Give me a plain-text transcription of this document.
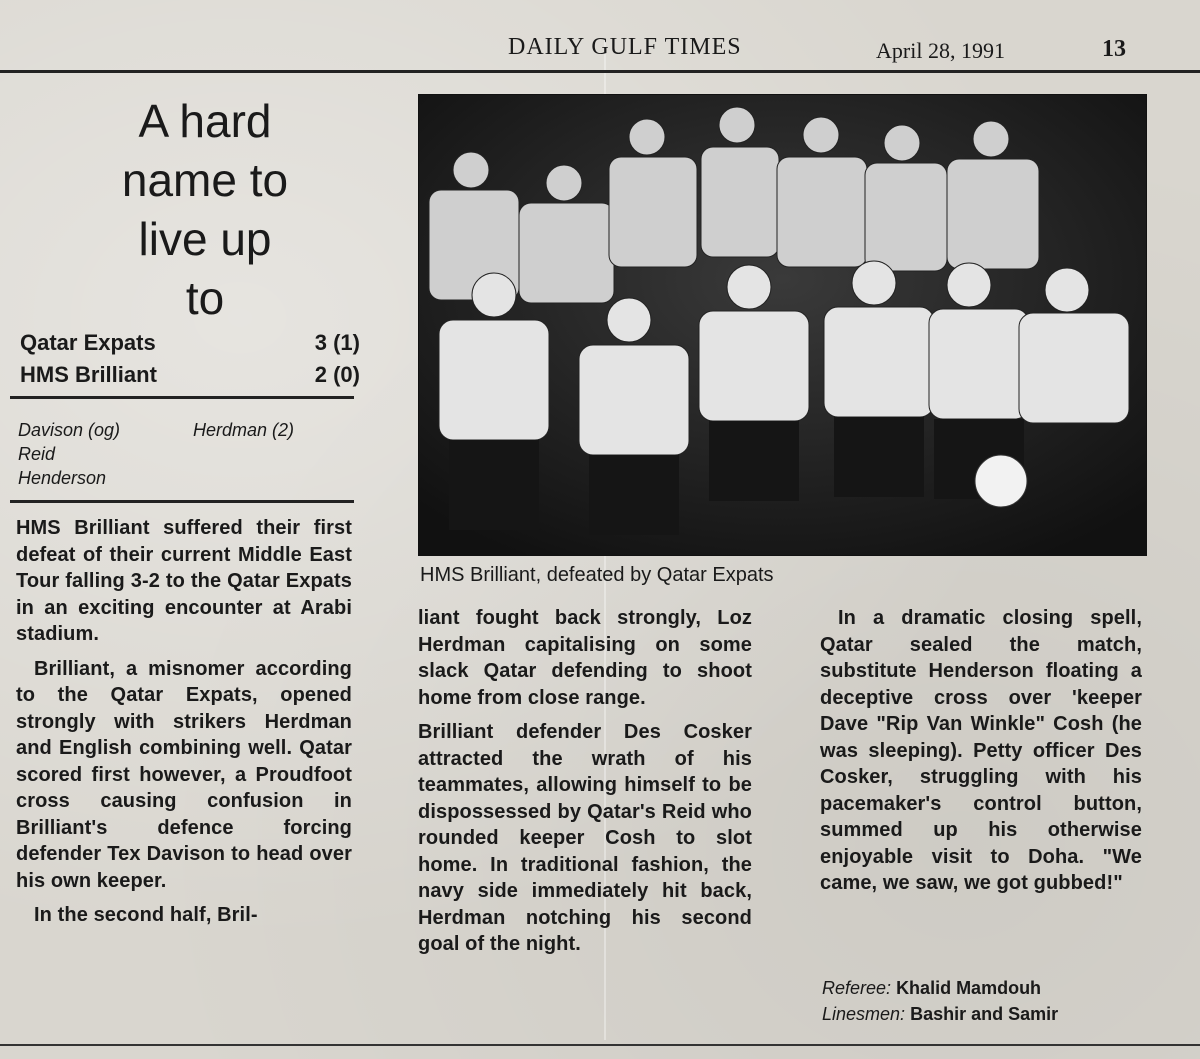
DAILY GULF TIMES	April 28, 1991	13
A hard
name to
live up
to
Qatar Expats	3 (1)
HMS Brilliant	2 (0)
Davison (og)
Reid
Henderson
Herdman (2)
HMS Brilliant, defeated by Qatar Expats

HMS Brilliant suffered their first defeat of their current Middle East Tour falling 3-2 to the Qatar Expats in an exciting encounter at Arabi stadium.

Brilliant, a misnomer according to the Qatar Expats, opened strongly with strikers Herdman and English combining well. Qatar scored first however, a Proudfoot cross causing confusion in Brilliant's defence forcing defender Tex Davison to head over his own keeper.

In the second half, Bril-

liant fought back strongly, Loz Herdman capitalising on some slack Qatar defending to shoot home from close range.

Brilliant defender Des Cosker attracted the wrath of his teammates, allowing himself to be dispossessed by Qatar's Reid who rounded keeper Cosh to slot home. In traditional fashion, the navy side immediately hit back, Herdman notching his second goal of the night.

In a dramatic closing spell, Qatar sealed the match, substitute Henderson floating a deceptive cross over 'keeper Dave "Rip Van Winkle" Cosh (he was sleeping). Petty officer Des Cosker, struggling with his pacemaker's control button, summed up his otherwise enjoyable visit to Doha. "We came, we saw, we got gubbed!"

Referee: Khalid Mamdouh
Linesmen: Bashir and Samir
